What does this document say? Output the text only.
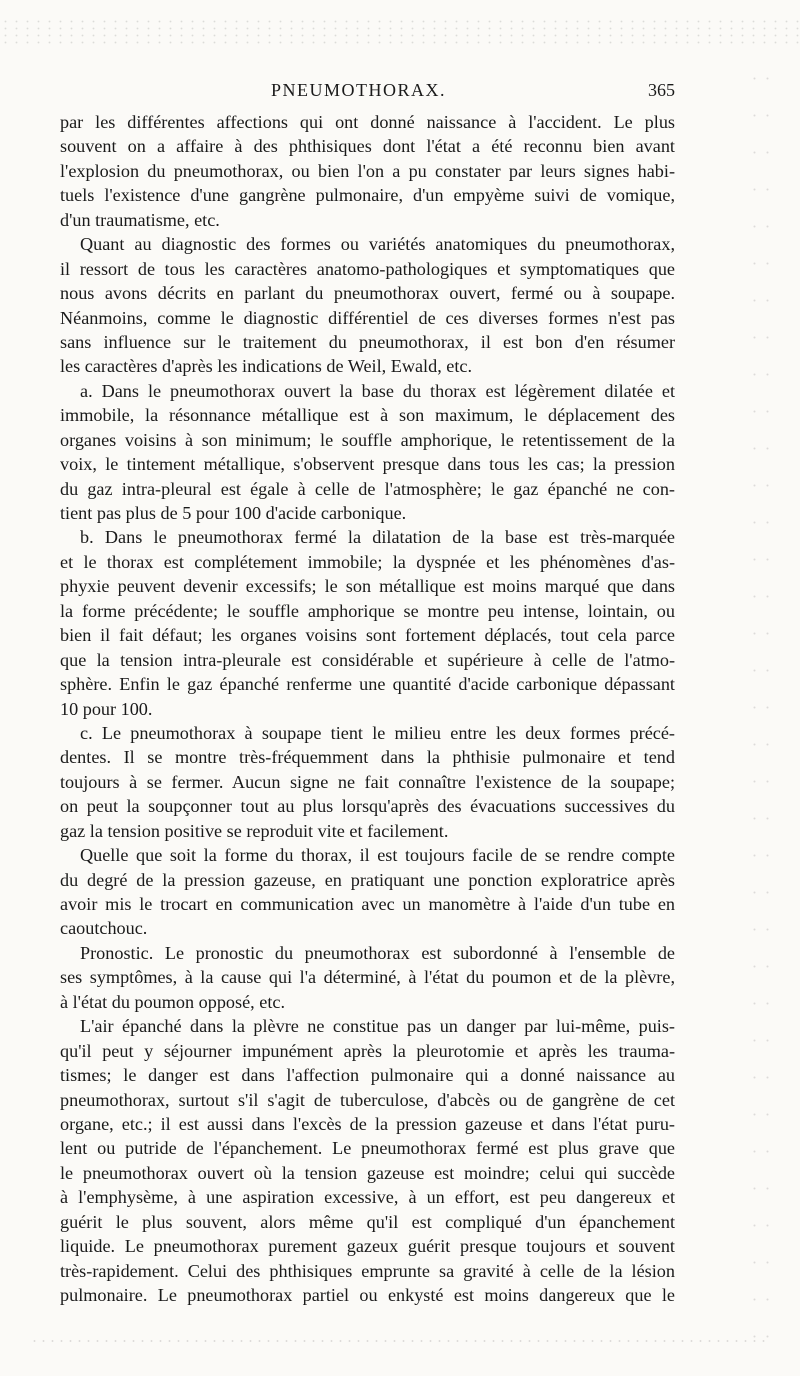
PNEUMOTHORAX.	365
par les différentes affections qui ont donné naissance à l'accident. Le plus
souvent on a affaire à des phthisiques dont l'état a été reconnu bien avant
l'explosion du pneumothorax, ou bien l'on a pu constater par leurs signes habi-
tuels l'existence d'une gangrène pulmonaire, d'un empyème suivi de vomique,
d'un traumatisme, etc.
Quant au diagnostic des formes ou variétés anatomiques du pneumothorax,
il ressort de tous les caractères anatomo-pathologiques et symptomatiques que
nous avons décrits en parlant du pneumothorax ouvert, fermé ou à soupape.
Néanmoins, comme le diagnostic différentiel de ces diverses formes n'est pas
sans influence sur le traitement du pneumothorax, il est bon d'en résumer
les caractères d'après les indications de Weil, Ewald, etc.
a. Dans le pneumothorax ouvert la base du thorax est légèrement dilatée et
immobile, la résonnance métallique est à son maximum, le déplacement des
organes voisins à son minimum; le souffle amphorique, le retentissement de la
voix, le tintement métallique, s'observent presque dans tous les cas; la pression
du gaz intra-pleural est égale à celle de l'atmosphère; le gaz épanché ne con-
tient pas plus de 5 pour 100 d'acide carbonique.
b. Dans le pneumothorax fermé la dilatation de la base est très-marquée
et le thorax est complétement immobile; la dyspnée et les phénomènes d'as-
phyxie peuvent devenir excessifs; le son métallique est moins marqué que dans
la forme précédente; le souffle amphorique se montre peu intense, lointain, ou
bien il fait défaut; les organes voisins sont fortement déplacés, tout cela parce
que la tension intra-pleurale est considérable et supérieure à celle de l'atmo-
sphère. Enfin le gaz épanché renferme une quantité d'acide carbonique dépassant
10 pour 100.
c. Le pneumothorax à soupape tient le milieu entre les deux formes précé-
dentes. Il se montre très-fréquemment dans la phthisie pulmonaire et tend
toujours à se fermer. Aucun signe ne fait connaître l'existence de la soupape;
on peut la soupçonner tout au plus lorsqu'après des évacuations successives du
gaz la tension positive se reproduit vite et facilement.
Quelle que soit la forme du thorax, il est toujours facile de se rendre compte
du degré de la pression gazeuse, en pratiquant une ponction exploratrice après
avoir mis le trocart en communication avec un manomètre à l'aide d'un tube en
caoutchouc.
Pronostic. Le pronostic du pneumothorax est subordonné à l'ensemble de
ses symptômes, à la cause qui l'a déterminé, à l'état du poumon et de la plèvre,
à l'état du poumon opposé, etc.
L'air épanché dans la plèvre ne constitue pas un danger par lui-même, puis-
qu'il peut y séjourner impunément après la pleurotomie et après les trauma-
tismes; le danger est dans l'affection pulmonaire qui a donné naissance au
pneumothorax, surtout s'il s'agit de tuberculose, d'abcès ou de gangrène de cet
organe, etc.; il est aussi dans l'excès de la pression gazeuse et dans l'état puru-
lent ou putride de l'épanchement. Le pneumothorax fermé est plus grave que
le pneumothorax ouvert où la tension gazeuse est moindre; celui qui succède
à l'emphysème, à une aspiration excessive, à un effort, est peu dangereux et
guérit le plus souvent, alors même qu'il est compliqué d'un épanchement
liquide. Le pneumothorax purement gazeux guérit presque toujours et souvent
très-rapidement. Celui des phthisiques emprunte sa gravité à celle de la lésion
pulmonaire. Le pneumothorax partiel ou enkysté est moins dangereux que le
